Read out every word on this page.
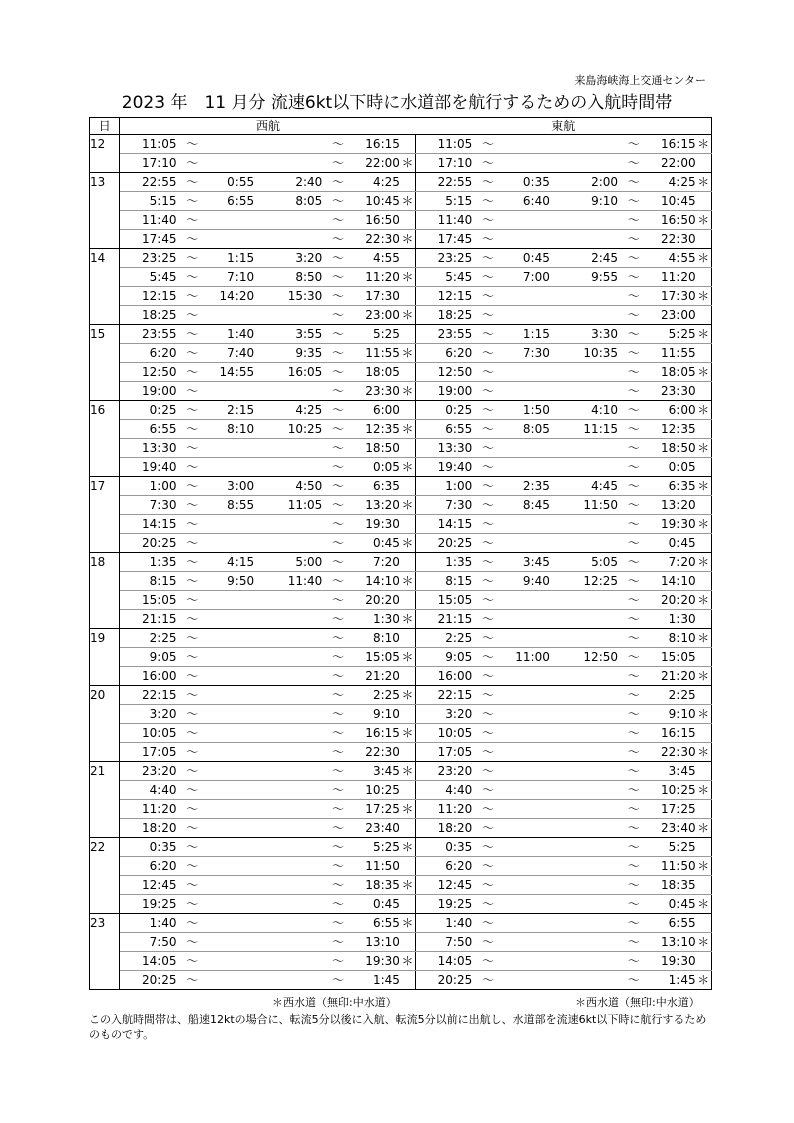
来島海峡海上交通センター
2023 年　11 月分 流速6kt以下時に水道部を航行するための入航時間帯
日	西航							東航						
12	11:05	～			～	16:15		11:05	～			～	16:15	＊
	17:10	～			～	22:00	＊	17:10	～			～	22:00	
13	22:55	～	0:55	2:40	～	4:25		22:55	～	0:35	2:00	～	4:25	＊
	5:15	～	6:55	8:05	～	10:45	＊	5:15	～	6:40	9:10	～	10:45	
	11:40	～			～	16:50		11:40	～			～	16:50	＊
	17:45	～			～	22:30	＊	17:45	～			～	22:30	
14	23:25	～	1:15	3:20	～	4:55		23:25	～	0:45	2:45	～	4:55	＊
	5:45	～	7:10	8:50	～	11:20	＊	5:45	～	7:00	9:55	～	11:20	
	12:15	～	14:20	15:30	～	17:30		12:15	～			～	17:30	＊
	18:25	～			～	23:00	＊	18:25	～			～	23:00	
15	23:55	～	1:40	3:55	～	5:25		23:55	～	1:15	3:30	～	5:25	＊
	6:20	～	7:40	9:35	～	11:55	＊	6:20	～	7:30	10:35	～	11:55	
	12:50	～	14:55	16:05	～	18:05		12:50	～			～	18:05	＊
	19:00	～			～	23:30	＊	19:00	～			～	23:30	
16	0:25	～	2:15	4:25	～	6:00		0:25	～	1:50	4:10	～	6:00	＊
	6:55	～	8:10	10:25	～	12:35	＊	6:55	～	8:05	11:15	～	12:35	
	13:30	～			～	18:50		13:30	～			～	18:50	＊
	19:40	～			～	0:05	＊	19:40	～			～	0:05	
17	1:00	～	3:00	4:50	～	6:35		1:00	～	2:35	4:45	～	6:35	＊
	7:30	～	8:55	11:05	～	13:20	＊	7:30	～	8:45	11:50	～	13:20	
	14:15	～			～	19:30		14:15	～			～	19:30	＊
	20:25	～			～	0:45	＊	20:25	～			～	0:45	
18	1:35	～	4:15	5:00	～	7:20		1:35	～	3:45	5:05	～	7:20	＊
	8:15	～	9:50	11:40	～	14:10	＊	8:15	～	9:40	12:25	～	14:10	
	15:05	～			～	20:20		15:05	～			～	20:20	＊
	21:15	～			～	1:30	＊	21:15	～			～	1:30	
19	2:25	～			～	8:10		2:25	～			～	8:10	＊
	9:05	～			～	15:05	＊	9:05	～	11:00	12:50	～	15:05	
	16:00	～			～	21:20		16:00	～			～	21:20	＊
20	22:15	～			～	2:25	＊	22:15	～			～	2:25	
	3:20	～			～	9:10		3:20	～			～	9:10	＊
	10:05	～			～	16:15	＊	10:05	～			～	16:15	
	17:05	～			～	22:30		17:05	～			～	22:30	＊
21	23:20	～			～	3:45	＊	23:20	～			～	3:45	
	4:40	～			～	10:25		4:40	～			～	10:25	＊
	11:20	～			～	17:25	＊	11:20	～			～	17:25	
	18:20	～			～	23:40		18:20	～			～	23:40	＊
22	0:35	～			～	5:25	＊	0:35	～			～	5:25	
	6:20	～			～	11:50		6:20	～			～	11:50	＊
	12:45	～			～	18:35	＊	12:45	～			～	18:35	
	19:25	～			～	0:45		19:25	～			～	0:45	＊
23	1:40	～			～	6:55	＊	1:40	～			～	6:55	
	7:50	～			～	13:10		7:50	～			～	13:10	＊
	14:05	～			～	19:30	＊	14:05	～			～	19:30	
	20:25	～			～	1:45		20:25	～			～	1:45	＊
＊西水道（無印:中水道）	＊西水道（無印:中水道）
この入航時間帯は、船速12ktの場合に、転流5分以後に入航、転流5分以前に出航し、水道部を流速6kt以下時に航行するためのものです。
